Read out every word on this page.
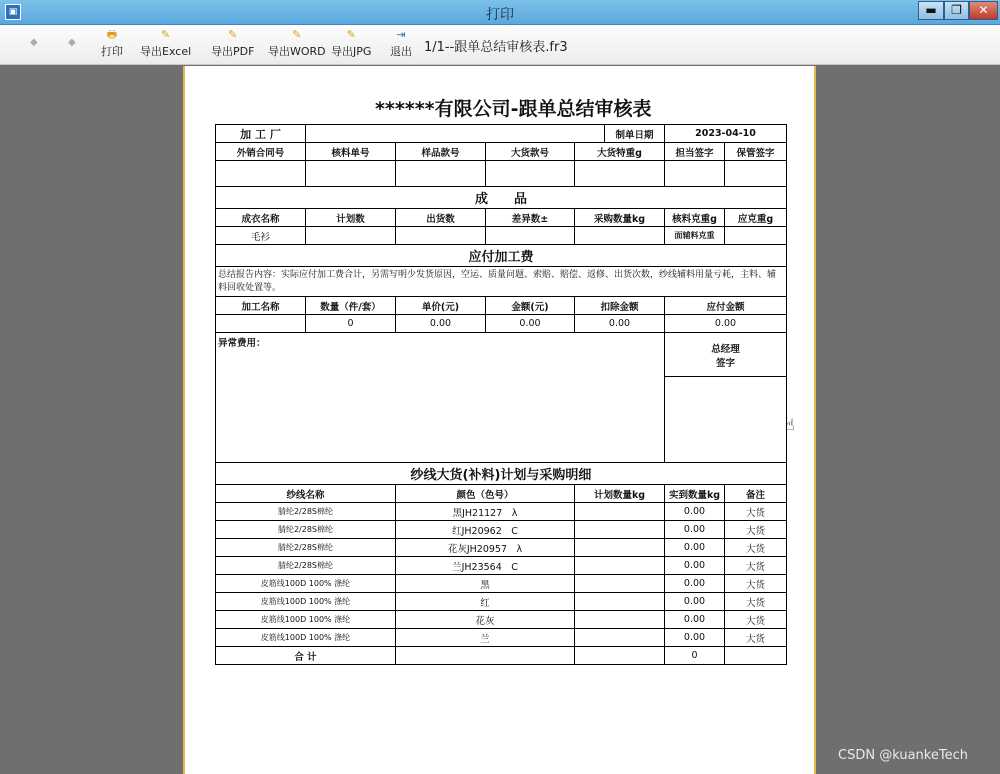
▣	打印	▬	❐	✕
◆	◆
🖶
打印
✎
导出Excel
✎
导出PDF
✎
导出WORD
✎
导出JPG
⇥
退出 1/1--跟单总结审核表.fr3
******有限公司-跟单总结审核表
加 工 厂					制单日期	2023-04-10	
外销合同号	核料单号	样品款号	大货款号	大货特重g		担当签字	保管签字

成　　品							
成衣名称	计划数	出货数	差异数±	采购数量kg		核料克重g	应克重g
毛衫						面辅料克重	
应付加工费							
总结报告内容：实际应付加工费合计，另需写明少发货原因，空运、质量问题、索赔、赔偿、返修、出货次数，纱线辅料用量亏耗，主料、辅料回收处置等。							
加工名称	数量（件/套）	单价(元)	金额(元)	扣除金额		应付金额	
	0	0.00	0.00	0.00		0.00	
异常费用：						总经理
签字	

纱线大货(补料)计划与采购明细							
纱线名称		颜色（色号）		计划数量kg		实到数量kg	备注
腈纶2/28S棉纶		黑JH21127　λ				0.00	大货
腈纶2/28S棉纶		红JH20962　C				0.00	大货
腈纶2/28S棉纶		花灰JH20957　λ				0.00	大货
腈纶2/28S棉纶		兰JH23564　C				0.00	大货
皮筋线100D 100% 涤纶		黑				0.00	大货
皮筋线100D 100% 涤纶		红				0.00	大货
皮筋线100D 100% 涤纶		花灰				0.00	大货
皮筋线100D 100% 涤纶		兰				0.00	大货
合 计						0	
☝
CSDN @kuankeTech
